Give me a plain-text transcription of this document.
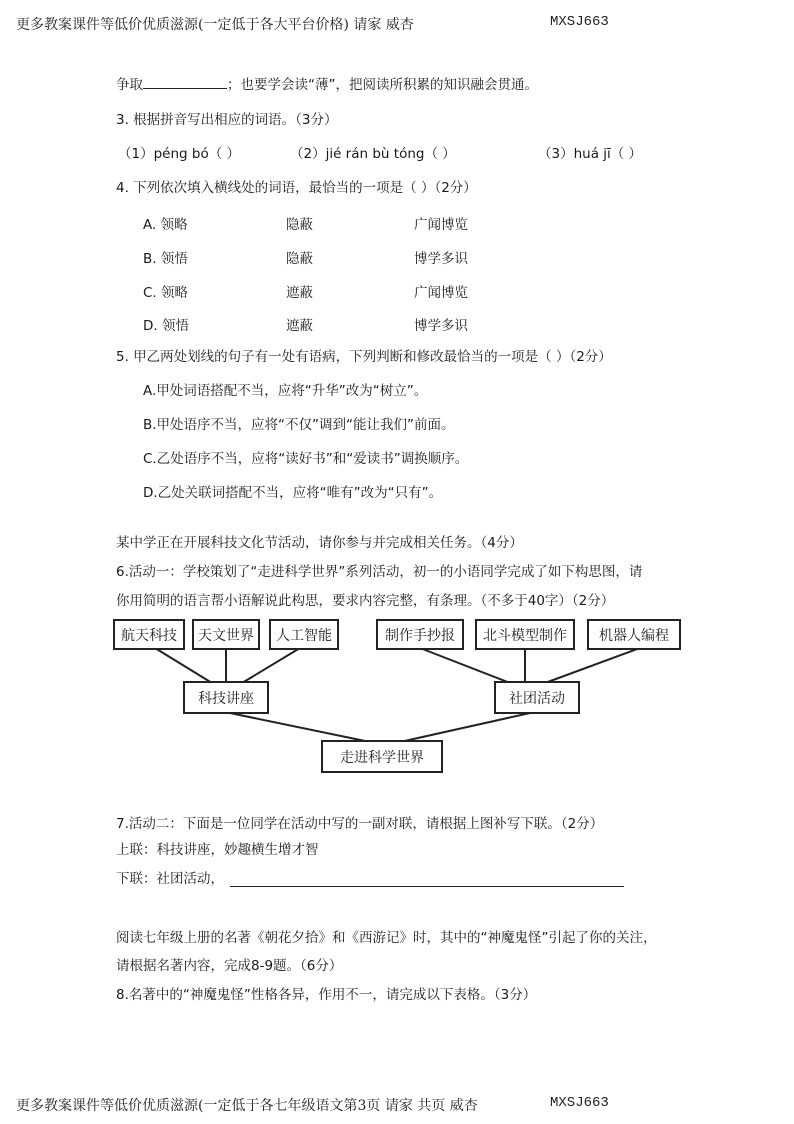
更多教案课件等低价优质滋源(一定低于各大平台价格) 请家 威杏	MXSJ663
争取	；也要学会读“薄”，把阅读所积累的知识融会贯通。
3. 根据拼音写出相应的词语。（3分）
（1）péng bó（ ）	（2）jié rán bù tóng（ ）	（3）huá jī（ ）
4. 下列依次填入横线处的词语，最恰当的一项是（ ）（2分）
A. 领略	隐蔽	广闻博览
B. 领悟	隐蔽	博学多识
C. 领略	遮蔽	广闻博览
D. 领悟	遮蔽	博学多识
5. 甲乙两处划线的句子有一处有语病，下列判断和修改最恰当的一项是（ ）（2分）
A.甲处词语搭配不当，应将“升华”改为“树立”。
B.甲处语序不当，应将“不仅”调到“能让我们”前面。
C.乙处语序不当，应将“读好书”和“爱读书”调换顺序。
D.乙处关联词搭配不当，应将“唯有”改为“只有”。
某中学正在开展科技文化节活动，请你参与并完成相关任务。（4分）
6.活动一：学校策划了“走进科学世界”系列活动，初一的小语同学完成了如下构思图，请
你用简明的语言帮小语解说此构思，要求内容完整，有条理。（不多于40字）（2分）
航天科技	天文世界	人工智能	制作手抄报	北斗模型制作	机器人编程
科技讲座	社团活动
走进科学世界
7.活动二：下面是一位同学在活动中写的一副对联，请根据上图补写下联。（2分）
上联：科技讲座，妙趣横生增才智
下联：社团活动，
阅读七年级上册的名著《朝花夕拾》和《西游记》时，其中的“神魔鬼怪”引起了你的关注，
请根据名著内容，完成8-9题。（6分）
8.名著中的“神魔鬼怪”性格各异，作用不一，请完成以下表格。（3分）
更多教案课件等低价优质滋源(一定低于各七年级语文第3页 请家 共页 威杏	MXSJ663
